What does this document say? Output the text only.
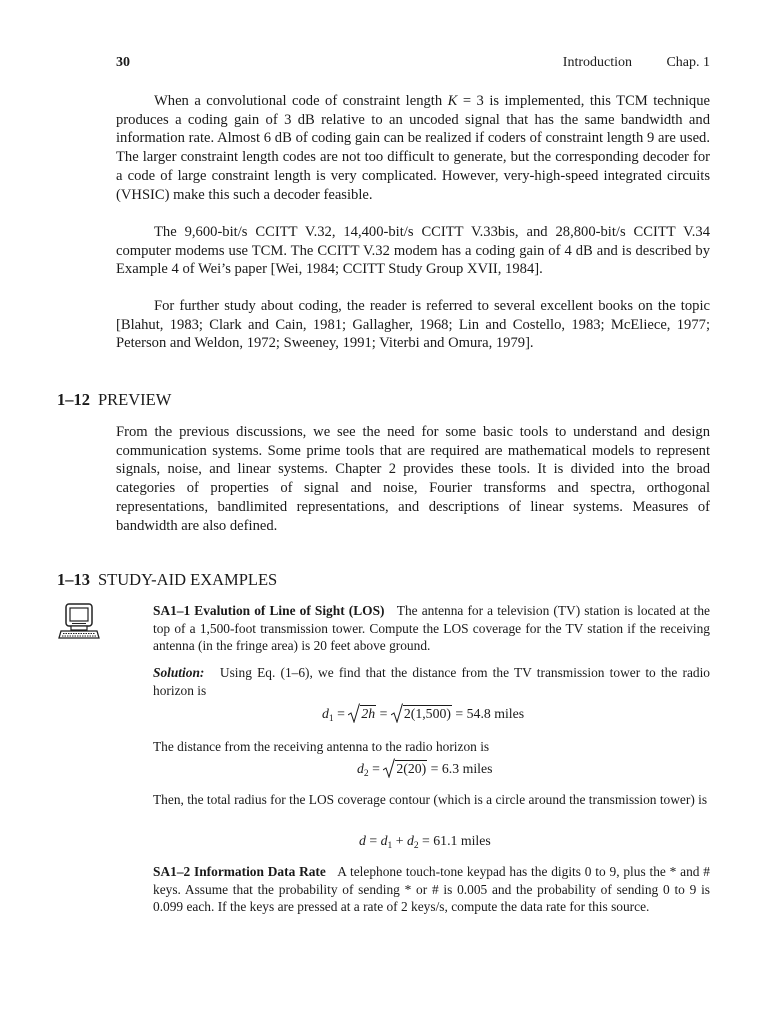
30	Introduction Chap. 1

When a convolutional code of constraint length K = 3 is implemented, this TCM technique produces a coding gain of 3 dB relative to an uncoded signal that has the same bandwidth and information rate. Almost 6 dB of coding gain can be realized if coders of constraint length 9 are used. The larger constraint length codes are not too difficult to generate, but the corresponding decoder for a code of large constraint length is very complicated. However, very-high-speed integrated circuits (VHSIC) make this such a decoder feasible.

The 9,600-bit/s CCITT V.32, 14,400-bit/s CCITT V.33bis, and 28,800-bit/s CCITT V.34 computer modems use TCM. The CCITT V.32 modem has a coding gain of 4 dB and is described by Example 4 of Wei’s paper [Wei, 1984; CCITT Study Group XVII, 1984].

For further study about coding, the reader is referred to several excellent books on the topic [Blahut, 1983; Clark and Cain, 1981; Gallagher, 1968; Lin and Costello, 1983; McEliece, 1977; Peterson and Weldon, 1972; Sweeney, 1991; Viterbi and Omura, 1979].

1–12 PREVIEW

From the previous discussions, we see the need for some basic tools to understand and design communication systems. Some prime tools that are required are mathematical models to represent signals, noise, and linear systems. Chapter 2 provides these tools. It is divided into the broad categories of properties of signal and noise, Fourier transforms and spectra, orthogonal representations, bandlimited representations, and descriptions of linear systems. Measures of bandwidth are also defined.

1–13 STUDY-AID EXAMPLES

SA1–1 Evalution of Line of Sight (LOS) The antenna for a television (TV) station is located at the top of a 1,500-foot transmission tower. Compute the LOS coverage for the TV station if the receiving antenna (in the fringe area) is 20 feet above ground.

Solution: Using Eq. (1–6), we find that the distance from the TV transmission tower to the radio horizon is

$d_1$ =
2h =
2(1,500) = 54.8 miles

The distance from the receiving antenna to the radio horizon is

$d_2$ =
2(20) = 6.3 miles

Then, the total radius for the LOS coverage contour (which is a circle around the transmission tower) is

$d = d_1 + d_2 = 61.1$ miles

SA1–2 Information Data Rate A telephone touch-tone keypad has the digits 0 to 9, plus the * and # keys. Assume that the probability of sending * or # is 0.005 and the probability of sending 0 to 9 is 0.099 each. If the keys are pressed at a rate of 2 keys/s, compute the data rate for this source.
